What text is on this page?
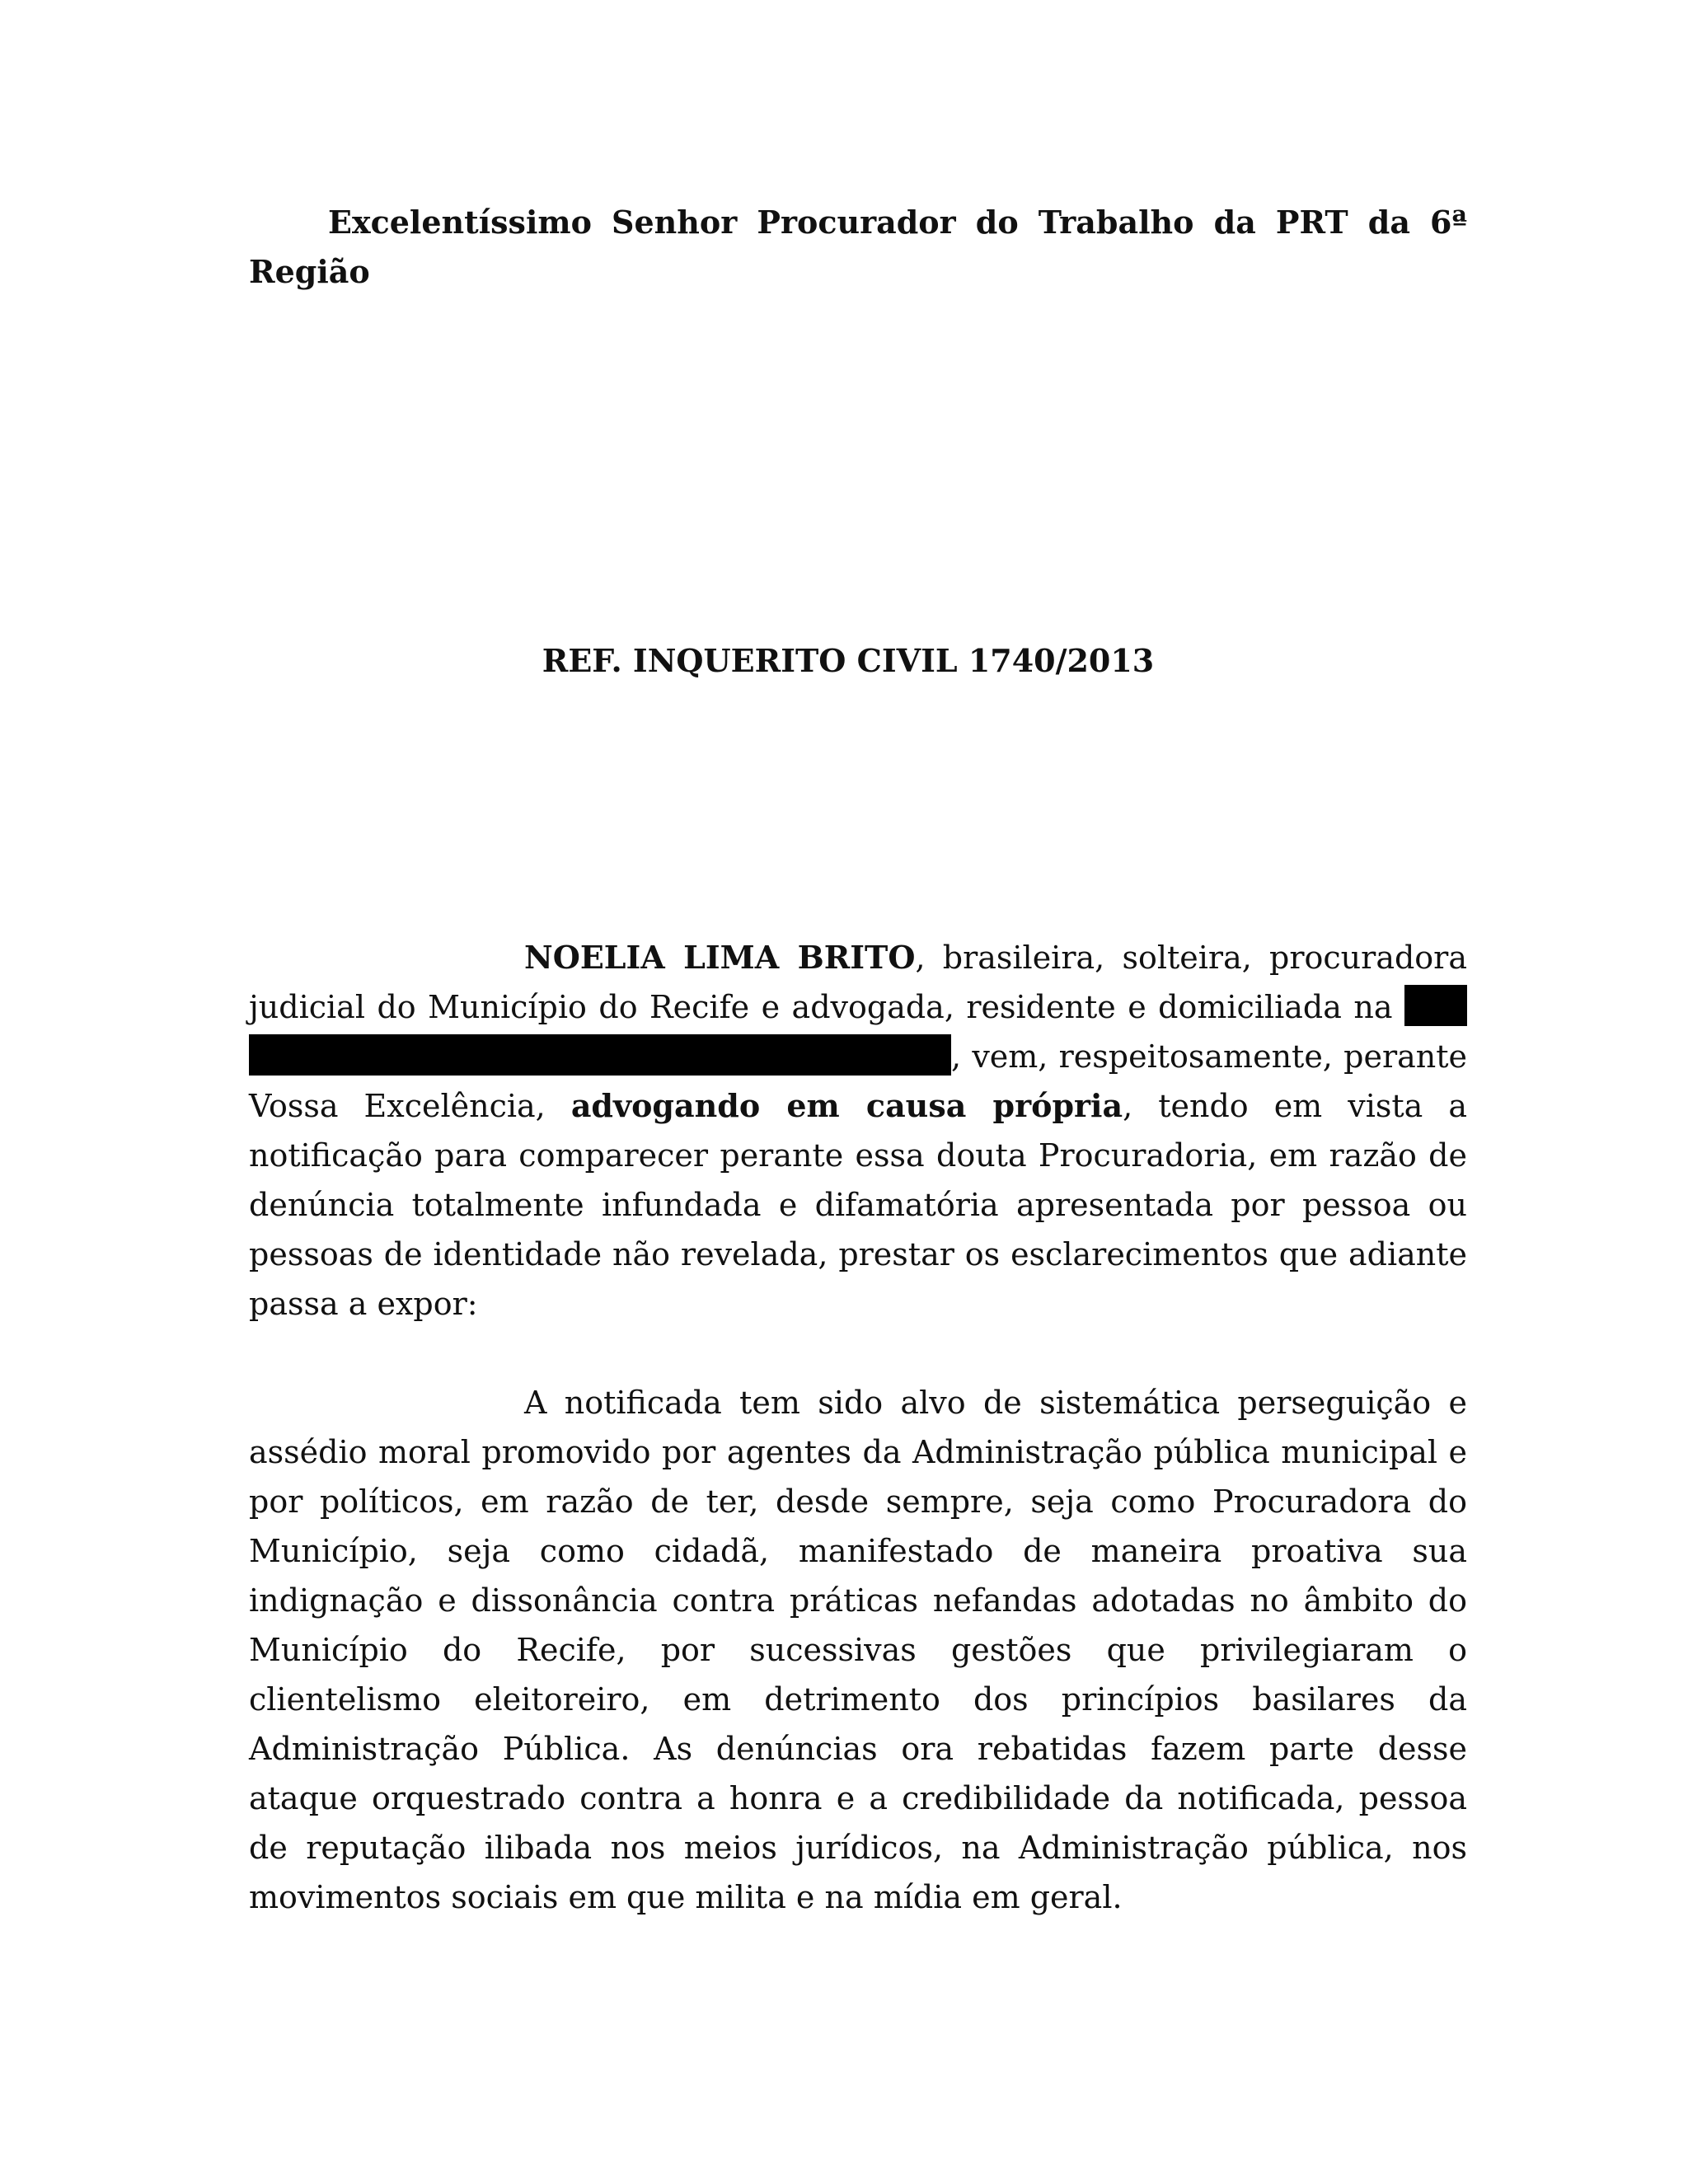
Excelentíssimo Senhor Procurador do Trabalho da PRT da 6ª
Região
REF. INQUERITO CIVIL 1740/2013
NOELIA LIMA BRITO, brasileira, solteira, procuradora judicial do Município do Recife e advogada, residente e domiciliada na  , vem, respeitosamente, perante Vossa Excelência, advogando em causa própria, tendo em vista a notificação para comparecer perante essa douta Procuradoria, em razão de denúncia totalmente infundada e difamatória apresentada por pessoa ou pessoas de identidade não revelada, prestar os esclarecimentos que adiante passa a expor:
A notificada tem sido alvo de sistemática perseguição e assédio moral promovido por agentes da Administração pública municipal e por políticos, em razão de ter, desde sempre, seja como Procuradora do Município, seja como cidadã, manifestado de maneira proativa sua indignação e dissonância contra práticas nefandas adotadas no âmbito do Município do Recife, por sucessivas gestões que privilegiaram o clientelismo eleitoreiro, em detrimento dos princípios basilares da Administração Pública. As denúncias ora rebatidas fazem parte desse ataque orquestrado contra a honra e a credibilidade da notificada, pessoa de reputação ilibada nos meios jurídicos, na Administração pública, nos movimentos sociais em que milita e na mídia em geral.
